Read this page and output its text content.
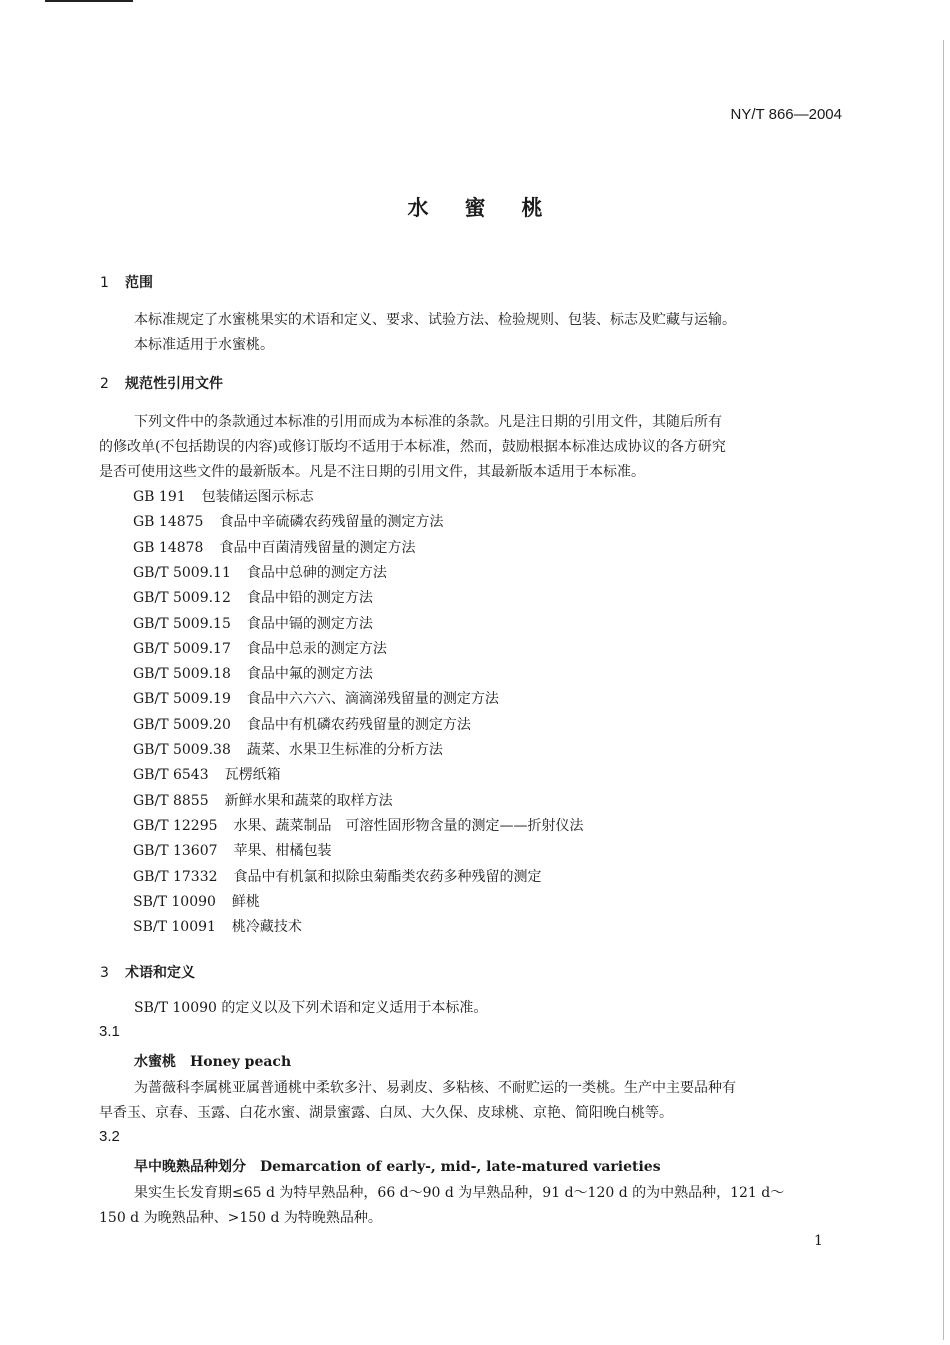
NY/T 866—2004
水蜜桃
1 范围
本标准规定了水蜜桃果实的术语和定义、要求、试验方法、检验规则、包装、标志及贮藏与运输。
本标准适用于水蜜桃。
2 规范性引用文件
下列文件中的条款通过本标准的引用而成为本标准的条款。凡是注日期的引用文件，其随后所有
的修改单(不包括勘误的内容)或修订版均不适用于本标准，然而，鼓励根据本标准达成协议的各方研究
是否可使用这些文件的最新版本。凡是不注日期的引用文件，其最新版本适用于本标准。
GB 191 包装储运图示标志
GB 14875 食品中辛硫磷农药残留量的测定方法
GB 14878 食品中百菌清残留量的测定方法
GB/T 5009.11 食品中总砷的测定方法
GB/T 5009.12 食品中铅的测定方法
GB/T 5009.15 食品中镉的测定方法
GB/T 5009.17 食品中总汞的测定方法
GB/T 5009.18 食品中氟的测定方法
GB/T 5009.19 食品中六六六、滴滴涕残留量的测定方法
GB/T 5009.20 食品中有机磷农药残留量的测定方法
GB/T 5009.38 蔬菜、水果卫生标准的分析方法
GB/T 6543 瓦楞纸箱
GB/T 8855 新鲜水果和蔬菜的取样方法
GB/T 12295 水果、蔬菜制品　可溶性固形物含量的测定——折射仪法
GB/T 13607 苹果、柑橘包装
GB/T 17332 食品中有机氯和拟除虫菊酯类农药多种残留的测定
SB/T 10090 鲜桃
SB/T 10091 桃冷藏技术
3 术语和定义
SB/T 10090 的定义以及下列术语和定义适用于本标准。
3.1
水蜜桃 Honey peach
为蔷薇科李属桃亚属普通桃中柔软多汁、易剥皮、多粘核、不耐贮运的一类桃。生产中主要品种有
早香玉、京春、玉露、白花水蜜、湖景蜜露、白凤、大久保、皮球桃、京艳、简阳晚白桃等。
3.2
早中晚熟品种划分 Demarcation of early-, mid-, late-matured varieties
果实生长发育期≤65 d 为特早熟品种，66 d～90 d 为早熟品种，91 d～120 d 的为中熟品种，121 d～
150 d 为晚熟品种、>150 d 为特晚熟品种。
1
